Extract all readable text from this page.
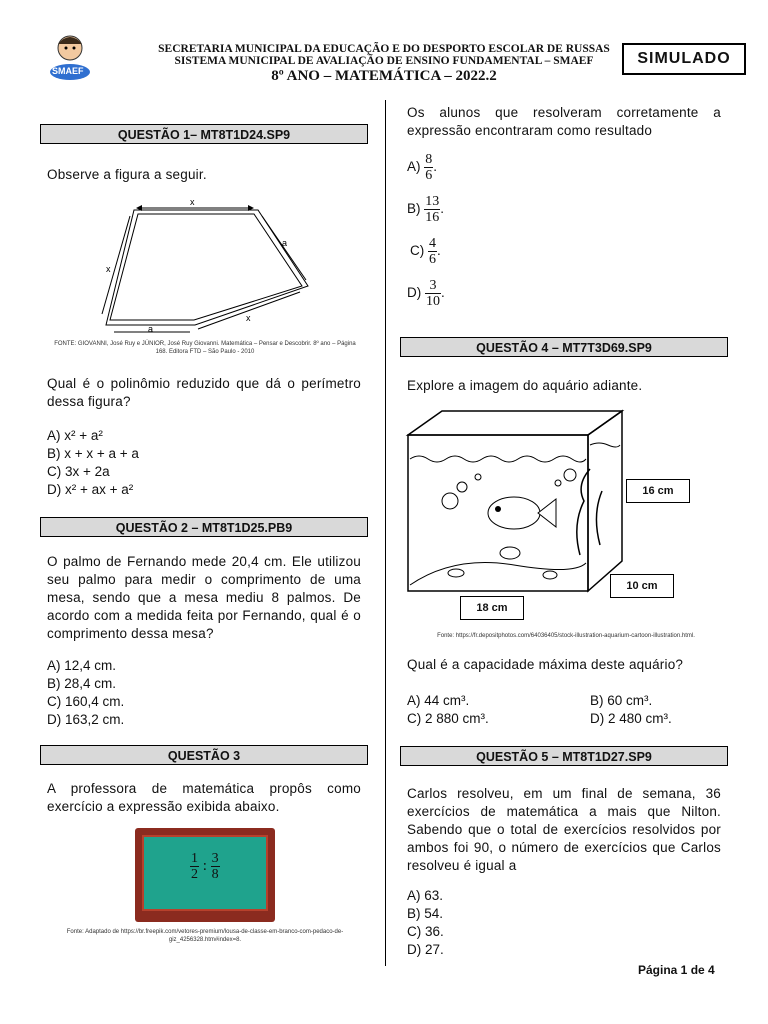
SMAEF
SECRETARIA MUNICIPAL DA EDUCAÇÃO E DO DESPORTO ESCOLAR DE RUSSAS
SISTEMA MUNICIPAL DE AVALIAÇÃO DE ENSINO FUNDAMENTAL – SMAEF
8º ANO – MATEMÁTICA – 2022.2
SIMULADO
QUESTÃO 1– MT8T1D24.SP9
Observe a figura a seguir.
x
x
a
x
a
FONTE: GIOVANNI, José Ruy e JÚNIOR, José Ruy Giovanni. Matemática – Pensar e Descobrir. 8º ano – Página 168. Editora FTD – São Paulo - 2010
Qual é o polinômio reduzido que dá o perímetro dessa figura?
A) x² + a²
B) x + x + a + a
C) 3x + 2a
D) x² + ax + a²
QUESTÃO 2 – MT8T1D25.PB9
O palmo de Fernando mede 20,4 cm. Ele utilizou seu palmo para medir o comprimento de uma mesa, sendo que a mesa mediu 8 palmos. De acordo com a medida feita por Fernando, qual é o comprimento dessa mesa?
A) 12,4 cm.
B) 28,4 cm.
C) 160,4 cm.
D) 163,2 cm.
QUESTÃO 3
A professora de matemática propôs como exercício a expressão exibida abaixo.
$\frac{1}{2}$ : $\frac{3}{8}$
Fonte: Adaptado de https://br.freepik.com/vetores-premium/lousa-de-classe-em-branco-com-pedaco-de-giz_4256328.htm#index=8.
Os alunos que resolveram corretamente a expressão encontraram como resultado
$A) \frac{8}{6}$ .
$B) \frac{13}{16}$ .
$C) \frac{4}{6}$ .
$D) \frac{3}{10}$ .
QUESTÃO 4 – MT7T3D69.SP9
Explore a imagem do aquário adiante.
16 cm
10 cm
18 cm
Fonte: https://fr.depositphotos.com/64036405/stock-illustration-aquarium-cartoon-illustration.html.
Qual é a capacidade máxima deste aquário?
A) 44 cm³.	B) 60 cm³.
C) 2 880 cm³.	D) 2 480 cm³.
QUESTÃO 5 – MT8T1D27.SP9
Carlos resolveu, em um final de semana, 36 exercícios de matemática a mais que Nilton. Sabendo que o total de exercícios resolvidos por ambos foi 90, o número de exercícios que Carlos resolveu é igual a
A) 63.
B) 54.
C) 36.
D) 27.
Página 1 de 4
